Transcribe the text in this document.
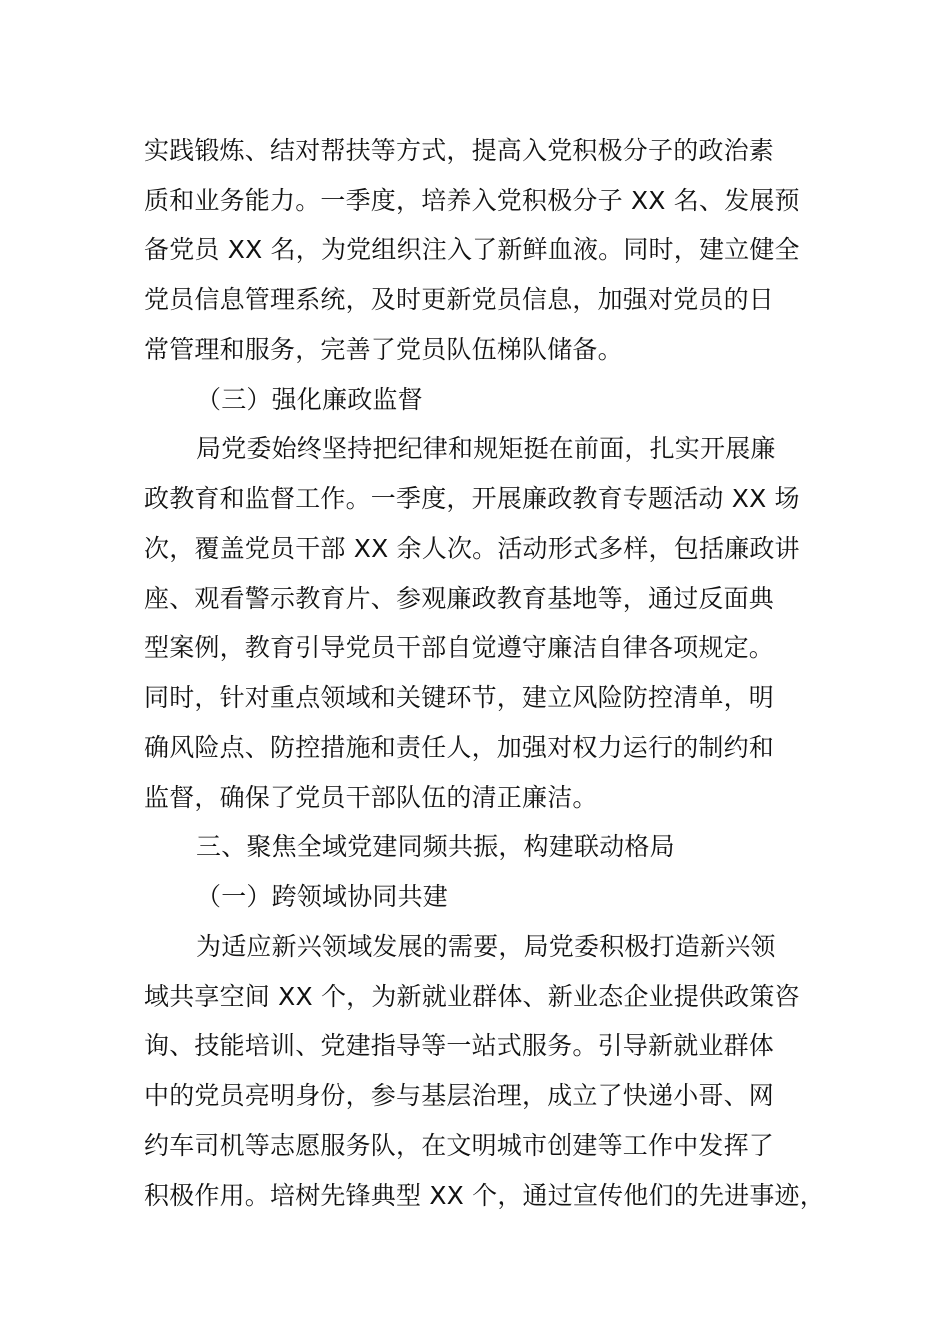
实践锻炼、结对帮扶等方式，提高入党积极分子的政治素
质和业务能力。一季度，培养入党积极分子 XX 名、发展预
备党员 XX 名，为党组织注入了新鲜血液。同时，建立健全
党员信息管理系统，及时更新党员信息，加强对党员的日
常管理和服务，完善了党员队伍梯队储备。
（三）强化廉政监督
局党委始终坚持把纪律和规矩挺在前面，扎实开展廉
政教育和监督工作。一季度，开展廉政教育专题活动 XX 场
次，覆盖党员干部 XX 余人次。活动形式多样，包括廉政讲
座、观看警示教育片、参观廉政教育基地等，通过反面典
型案例，教育引导党员干部自觉遵守廉洁自律各项规定。
同时，针对重点领域和关键环节，建立风险防控清单，明
确风险点、防控措施和责任人，加强对权力运行的制约和
监督，确保了党员干部队伍的清正廉洁。
三、聚焦全域党建同频共振，构建联动格局
（一）跨领域协同共建
为适应新兴领域发展的需要，局党委积极打造新兴领
域共享空间 XX 个，为新就业群体、新业态企业提供政策咨
询、技能培训、党建指导等一站式服务。引导新就业群体
中的党员亮明身份，参与基层治理，成立了快递小哥、网
约车司机等志愿服务队，在文明城市创建等工作中发挥了
积极作用。培树先锋典型 XX 个，通过宣传他们的先进事迹，
